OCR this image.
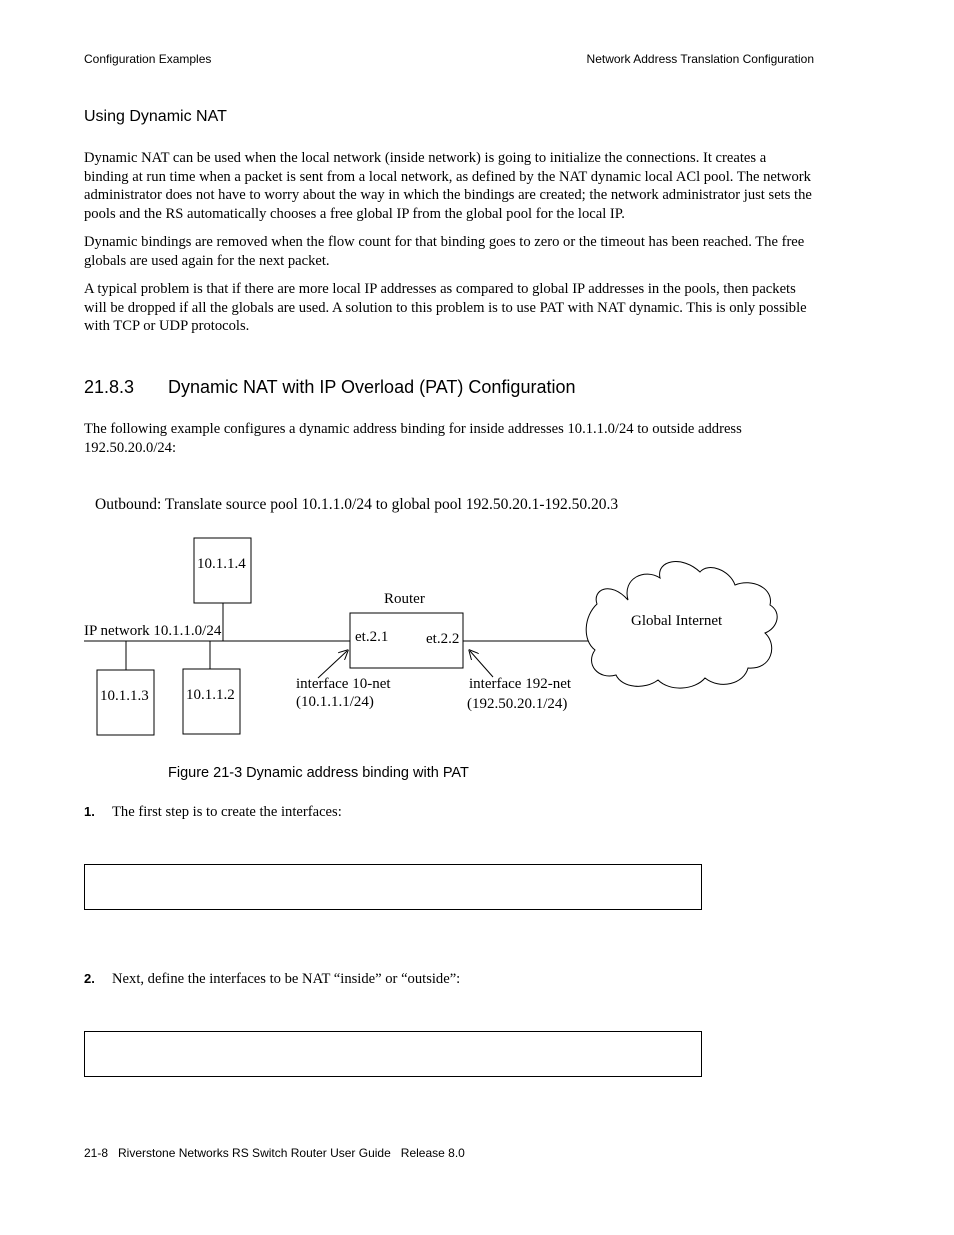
Configuration Examples	Network Address Translation Configuration
Using Dynamic NAT

Dynamic NAT can be used when the local network (inside network) is going to initialize the connections. It creates a binding at run time when a packet is sent from a local network, as defined by the NAT dynamic local ACl pool. The network administrator does not have to worry about the way in which the bindings are created; the network administrator just sets the pools and the RS automatically chooses a free global IP from the global pool for the local IP.

Dynamic bindings are removed when the flow count for that binding goes to zero or the timeout has been reached. The free globals are used again for the next packet.

A typical problem is that if there are more local IP addresses as compared to global IP addresses in the pools, then packets will be dropped if all the globals are used. A solution to this problem is to use PAT with NAT dynamic. This is only possible with TCP or UDP protocols.

21.8.3 Dynamic NAT with IP Overload (PAT) Configuration

The following example configures a dynamic address binding for inside addresses 10.1.1.0/24 to outside address 192.50.20.0/24:

Outbound: Translate source pool 10.1.1.0/24 to global pool 192.50.20.1-192.50.20.3
10.1.1.4
10.1.1.3 10.1.1.2
IP network 10.1.1.0/24
Router
et.2.1	et.2.2
interface 10-net
(10.1.1.1/24)
interface 192-net
(192.50.20.1/24)
Global Internet
Figure 21-3 Dynamic address binding with PAT
1. The first step is to create the interfaces:
2. Next, define the interfaces to be NAT “inside” or “outside”:
21-8   Riverstone Networks RS Switch Router User Guide   Release 8.0
